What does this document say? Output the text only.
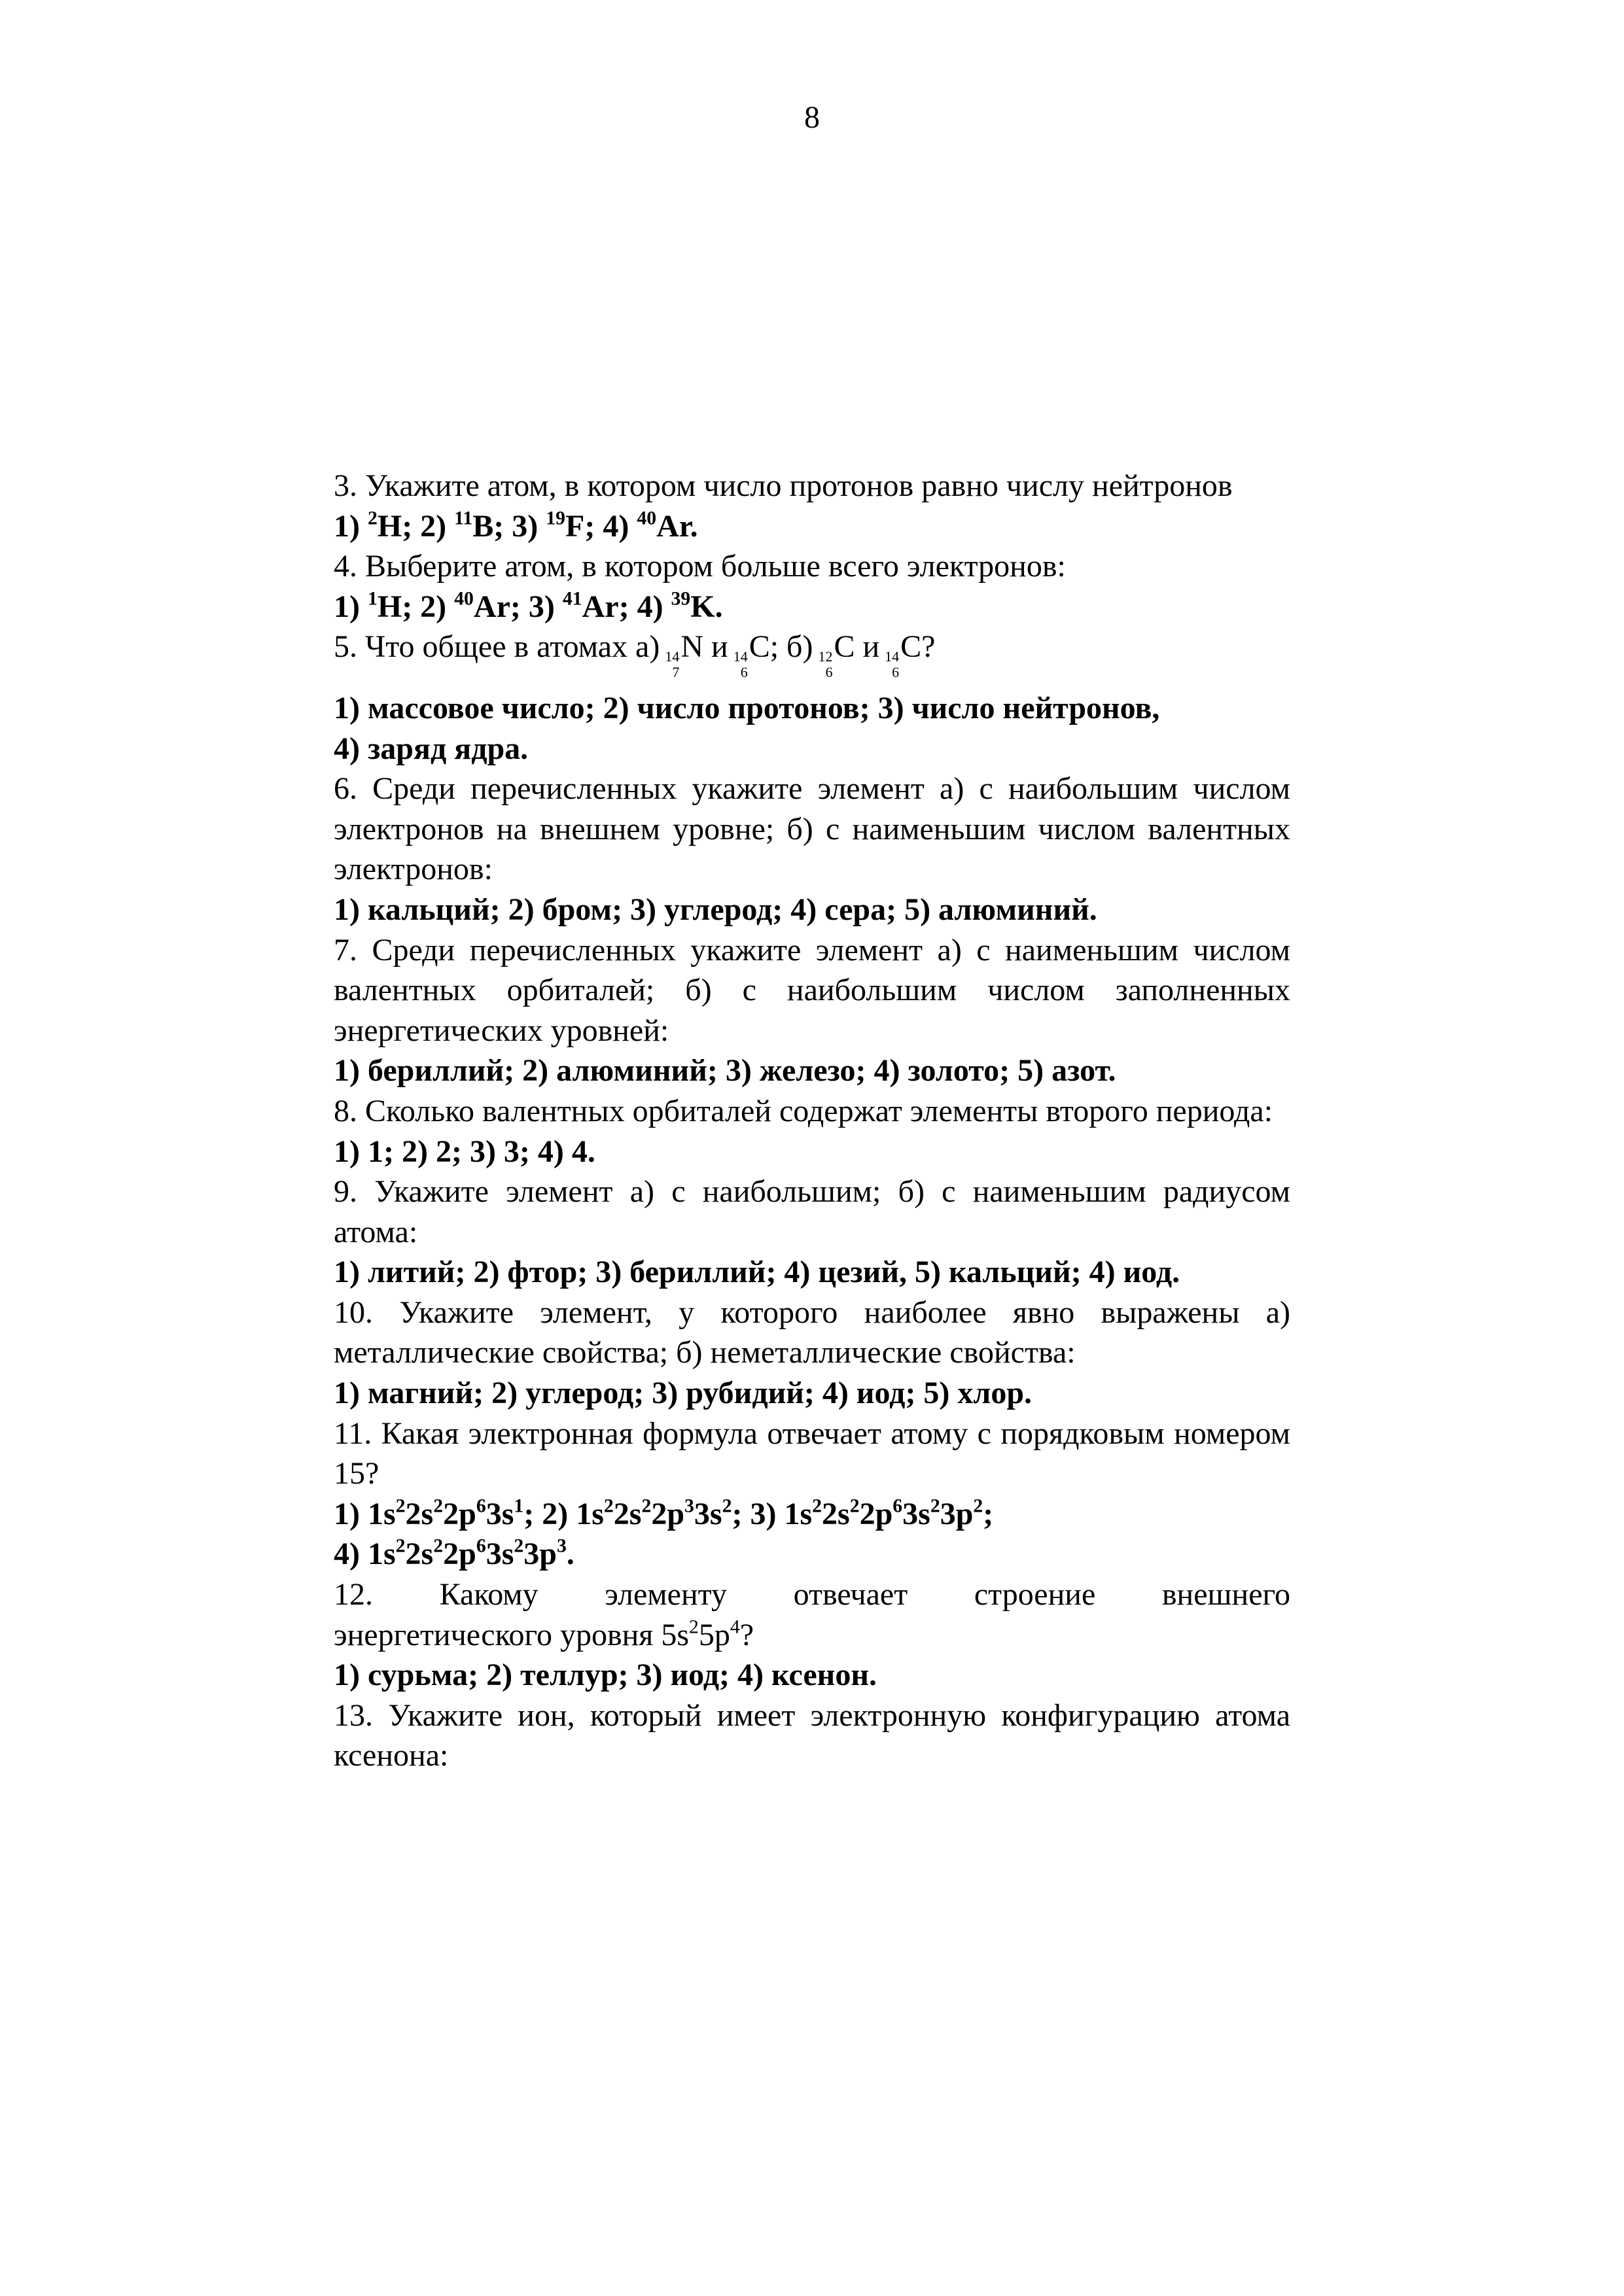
8
3. Укажите атом, в котором число протонов равно числу нейтронов
1) $^2$H; 2) $^{11}$B; 3) $^{19}$F; 4) $^{40}$Ar.
4. Выберите атом, в котором больше всего электронов:
1) $^1$H; 2) $^{40}$Ar; 3) $^{41}$Ar; 4) $^{39}$K.
5. Что общее в атомах а) 14
7
N и 14
6
C; б) 12
6
C и 14
6
C?
1) массовое число; 2) число протонов; 3) число нейтронов,
4) заряд ядра.
6. Среди перечисленных укажите элемент а) с наибольшим числом электронов на внешнем уровне; б) с наименьшим числом валентных электронов:
1) кальций; 2) бром; 3) углерод; 4) сера; 5) алюминий.
7. Среди перечисленных укажите элемент а) с наименьшим числом валентных орбиталей; б) с наибольшим числом заполненных энергетических уровней:
1) бериллий; 2) алюминий; 3) железо; 4) золото; 5) азот.
8. Сколько валентных орбиталей содержат элементы второго периода:
1) 1; 2) 2; 3) 3; 4) 4.
9. Укажите элемент а) с наибольшим; б) с наименьшим радиусом атома:
1) литий; 2) фтор; 3) бериллий; 4) цезий, 5) кальций; 4) иод.
10. Укажите элемент, у которого наиболее явно выражены а) металлические свойства; б) неметаллические свойства:
1) магний; 2) углерод; 3) рубидий; 4) иод; 5) хлор.
11. Какая электронная формула отвечает атому с порядковым номером 15?
1) $1s^22s^22p^63s^1$; 2) $1s^22s^22p^33s^2$; 3) $1s^22s^22p^63s^23p^2$;
4) $1s^22s^22p^63s^23p^3$.
12. Какому элементу отвечает строение внешнего
энергетического уровня $5s^25p^4$?
1) сурьма; 2) теллур; 3) иод; 4) ксенон.
13. Укажите ион, который имеет электронную конфигурацию атома ксенона:
